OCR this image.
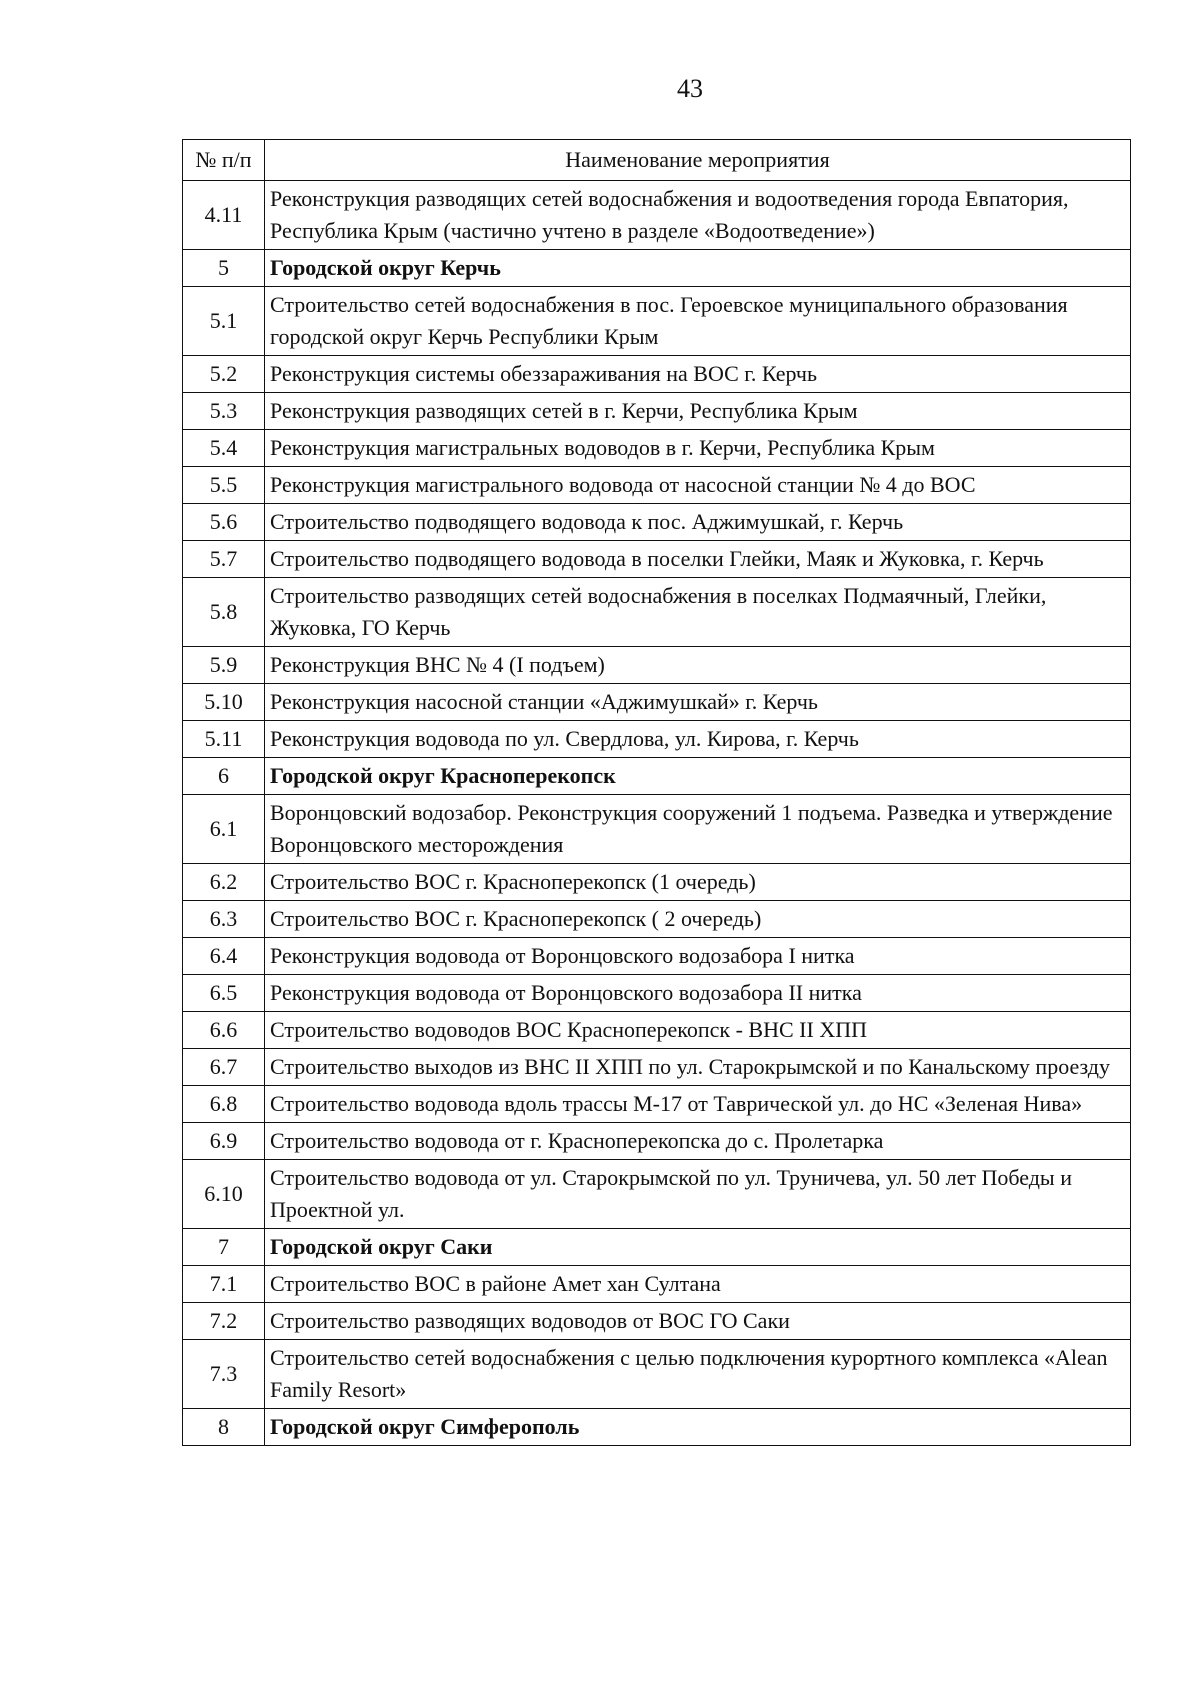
43
№ п/п	Наименование мероприятия
4.11	Реконструкция разводящих сетей водоснабжения и водоотведения города Евпатория, Республика Крым (частично учтено в разделе «Водоотведение»)
5	Городской округ Керчь
5.1	Строительство сетей водоснабжения в пос. Героевское муниципального образования городской округ Керчь Республики Крым
5.2	Реконструкция системы обеззараживания на ВОС г. Керчь
5.3	Реконструкция разводящих сетей в г. Керчи, Республика Крым
5.4	Реконструкция магистральных водоводов в г. Керчи, Республика Крым
5.5	Реконструкция магистрального водовода от насосной станции № 4 до ВОС
5.6	Строительство подводящего водовода к пос. Аджимушкай, г. Керчь
5.7	Строительство подводящего водовода в поселки Глейки, Маяк и Жуковка, г. Керчь
5.8	Строительство разводящих сетей водоснабжения в поселках Подмаячный, Глейки, Жуковка, ГО Керчь
5.9	Реконструкция ВНС № 4 (I подъем)
5.10	Реконструкция насосной станции «Аджимушкай» г. Керчь
5.11	Реконструкция водовода по ул. Свердлова, ул. Кирова, г. Керчь
6	Городской округ Красноперекопск
6.1	Воронцовский водозабор. Реконструкция сооружений 1 подъема. Разведка и утверждение Воронцовского месторождения
6.2	Строительство ВОС г. Красноперекопск (1 очередь)
6.3	Строительство ВОС г. Красноперекопск ( 2 очередь)
6.4	Реконструкция водовода от Воронцовского водозабора I нитка
6.5	Реконструкция водовода от Воронцовского водозабора II нитка
6.6	Строительство водоводов ВОС Красноперекопск - ВНС II ХПП
6.7	Строительство выходов из ВНС II ХПП по ул. Старокрымской и по Канальскому проезду
6.8	Строительство водовода вдоль трассы М-17 от Таврической ул. до НС «Зеленая Нива»
6.9	Строительство водовода от г. Красноперекопска до с. Пролетарка
6.10	Строительство водовода от ул. Старокрымской по ул. Труничева, ул. 50 лет Победы и Проектной ул.
7	Городской округ Саки
7.1	Строительство ВОС в районе Амет хан Султана
7.2	Строительство разводящих водоводов от ВОС ГО Саки
7.3	Строительство сетей водоснабжения с целью подключения курортного комплекса «Alean Family Resort»
8	Городской округ Симферополь
